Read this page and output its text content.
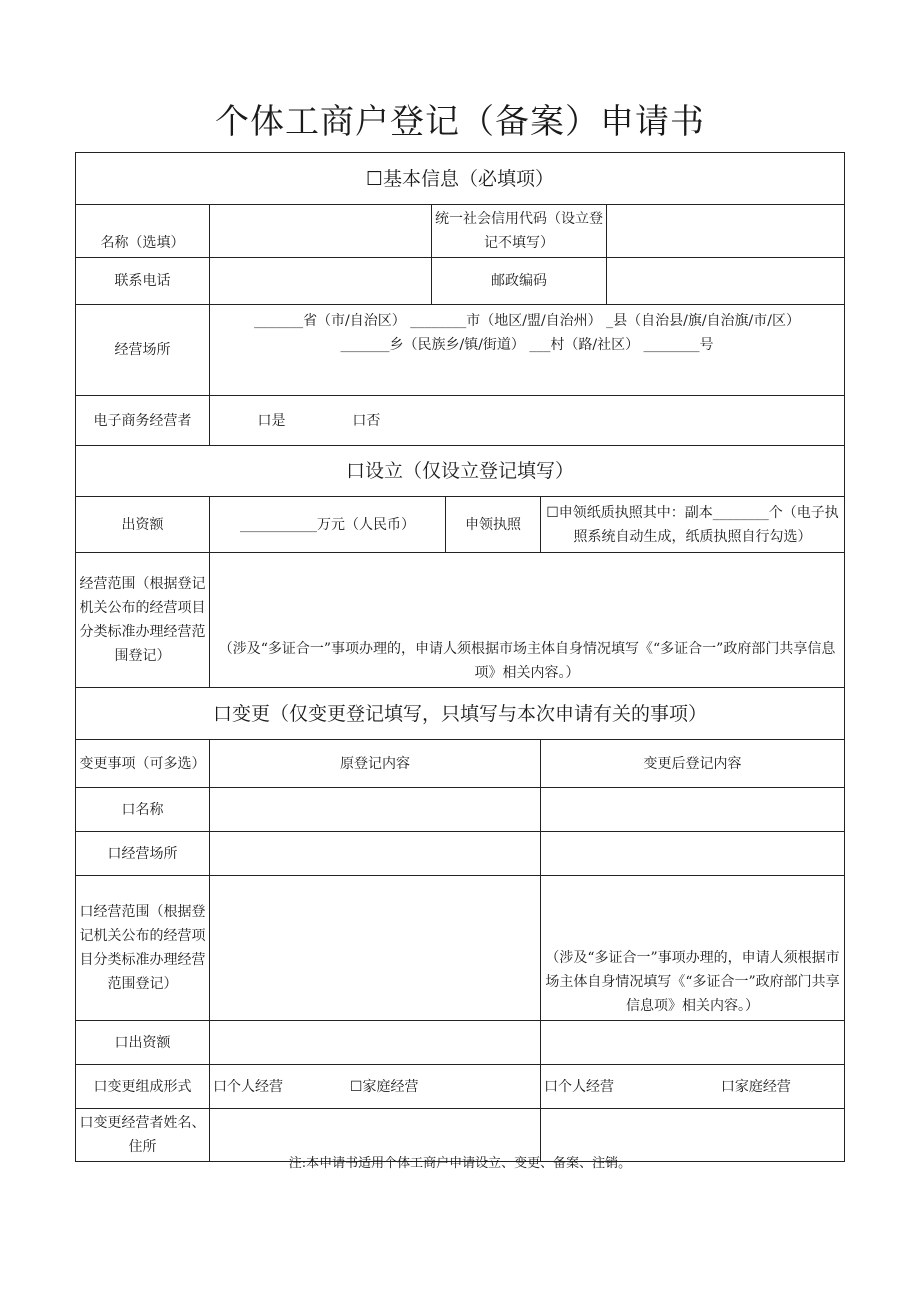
个体工商户登记（备案）申请书
☐基本信息（必填项）					
名称（选填）		统一社会信用代码（设立登记不填写）			
联系电话		邮政编码			
经营场所	_______省（市/自治区） ________市（地区/盟/自治州） _县（自治县/旗/自治旗/市/区）
_______乡（民族乡/镇/街道） ___村（路/社区） ________号				

电子商务经营者	口是 口否				
口设立（仅设立登记填写）					
出资额	___________万元（人民币）		申领执照	☐申领纸质执照其中：副本________个（电子执照系统自动生成，纸质执照自行勾选）	
经营范围（根据登记机关公布的经营项目分类标准办理经营范围登记）	（涉及“多证合一”事项办理的，申请人须根据市场主体自身情况填写《“多证合一”政府部门共享信息项》相关内容。）				
口变更（仅变更登记填写，只填写与本次申请有关的事项）					
变更事项（可多选）	原登记内容			变更后登记内容	
口名称					
口经营场所					
口经营范围（根据登记机关公布的经营项目分类标准办理经营范围登记）				（涉及“多证合一”事项办理的，申请人须根据市场主体自身情况填写《“多证合一”政府部门共享信息项》相关内容。）	
口出资额					
口变更组成形式	口个人经营 ☐家庭经营			口个人经营 口家庭经营	
口变更经营者姓名、住所					
注:本申请书适用个体工商户申请设立、变更、备案、注销。
